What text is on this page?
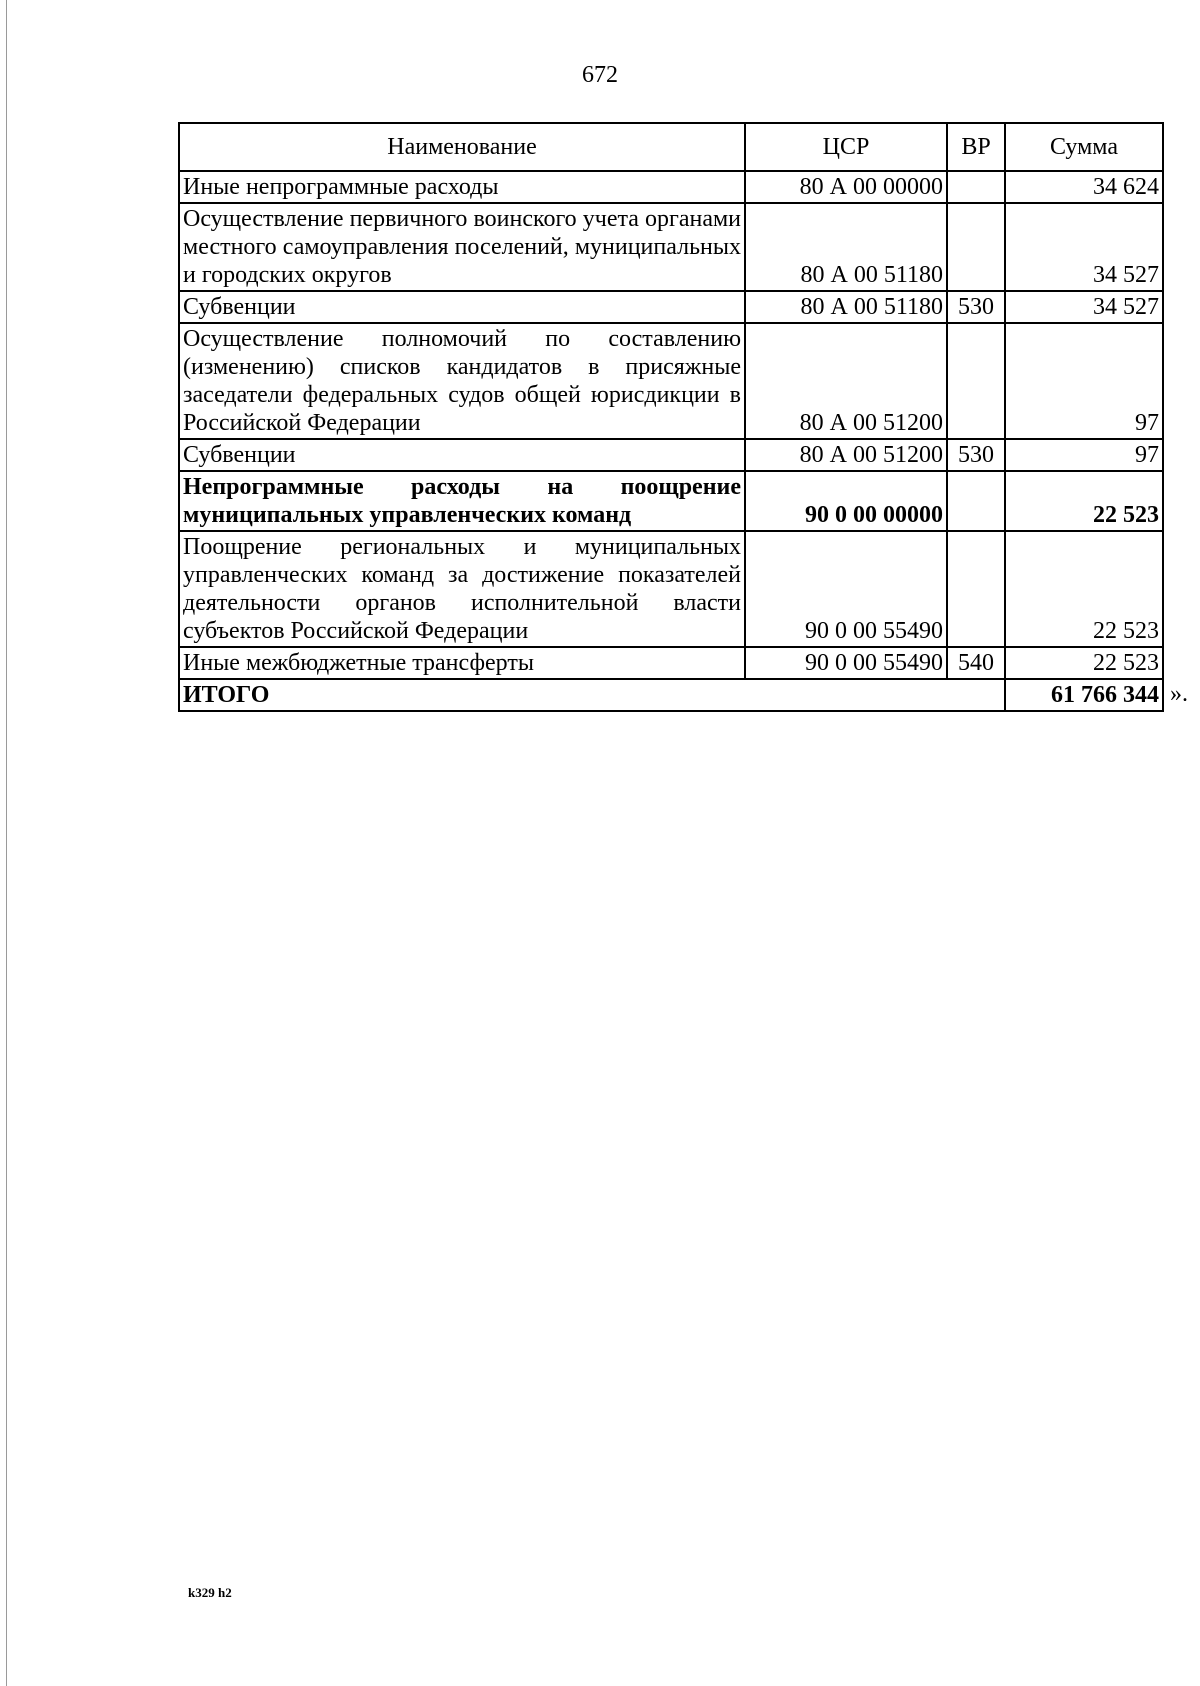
672
Наименование	ЦСР	ВР	Сумма
Иные непрограммные расходы	80 А 00 00000		34 624
Осуществление первичного воинского учета органами местного самоуправления поселений, муниципальных и городских округов	80 А 00 51180		34 527
Субвенции	80 А 00 51180	530	34 527
Осуществление полномочий по составлению (изменению) списков кандидатов в присяжные заседатели федеральных судов общей юрисдикции в Российской Федерации	80 А 00 51200		97
Субвенции	80 А 00 51200	530	97
Непрограммные расходы на поощрение муниципальных управленческих команд	90 0 00 00000		22 523
Поощрение региональных и муниципальных управленческих команд за достижение показателей деятельности органов исполнительной власти субъектов Российской Федерации	90 0 00 55490		22 523
Иные межбюджетные трансферты	90 0 00 55490	540	22 523
ИТОГО			61 766 344 ».
k329 h2
